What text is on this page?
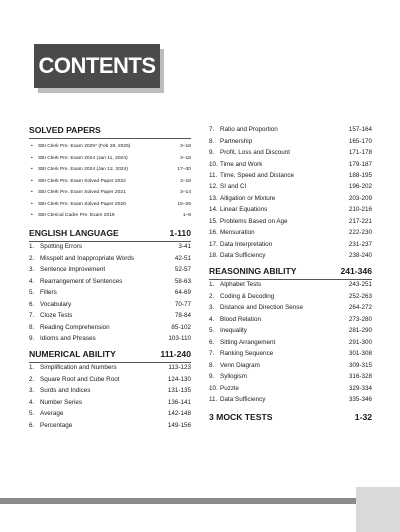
CONTENTS
SOLVED PAPERS
• SBI Clerk Pre. Exam 2025* (Feb 28, 2025)	3–16
• SBI Clerk Pre. Exam 2024 (Jan 11, 2024)	3–16
• SBI Clerk Pre. Exam 2024 (Jan 12, 2024)	17–30
• SBI Clerk Pre. Exam Solved Paper 2022	3–16
• SBI Clerk Pre. Exam Solved Paper 2021	3–14
• SBI Clerk Pre. Exam Solved Paper 2020	15–26
• SBI Clerical Cadre Pre. Exam 2019	1–8
ENGLISH LANGUAGE	1-110
1. Spotting Errors	3-41
2. Misspelt and Inappropriate Words	42-51
3. Sentence Improvement	52-57
4. Rearrangement of Sentences	58-63
5. Fillers	64-69
6. Vocabulary	70-77
7. Cloze Tests	78-84
8. Reading Comprehension	85-102
9. Idioms and Phrases	103-110
NUMERICAL ABILITY	111-240
1. Simplification and Numbers	113-123
2. Square Root and Cube Root	124-130
3. Surds and Indices	131-135
4. Number Series	136-141
5. Average	142-148
6. Percentage	149-156
7. Ratio and Proportion	157-164
8. Partnership	165-170
9. Profit, Loss and Discount	171-178
10. Time and Work	179-187
11. Time, Speed and Distance	188-195
12. SI and CI	196-202
13. Alligation or Mixture	203-209
14. Linear Equations	210-216
15. Problems Based on Age	217-221
16. Mensuration	222-230
17. Data Interpretation	231-237
18. Data Sufficiency	238-240
REASONING ABILITY	241-346
1. Alphabet Tests	243-251
2. Coding & Decoding	252-263
3. Distance and Direction Sense	264-272
4. Blood Relation	273-280
5. Inequality	281-290
6. Sitting Arrangement	291-300
7. Ranking Sequence	301-308
8. Venn Diagram	309-315
9. Syllogism	316-328
10. Puzzle	329-334
11. Data Sufficiency	335-346
3 MOCK TESTS	1-32
